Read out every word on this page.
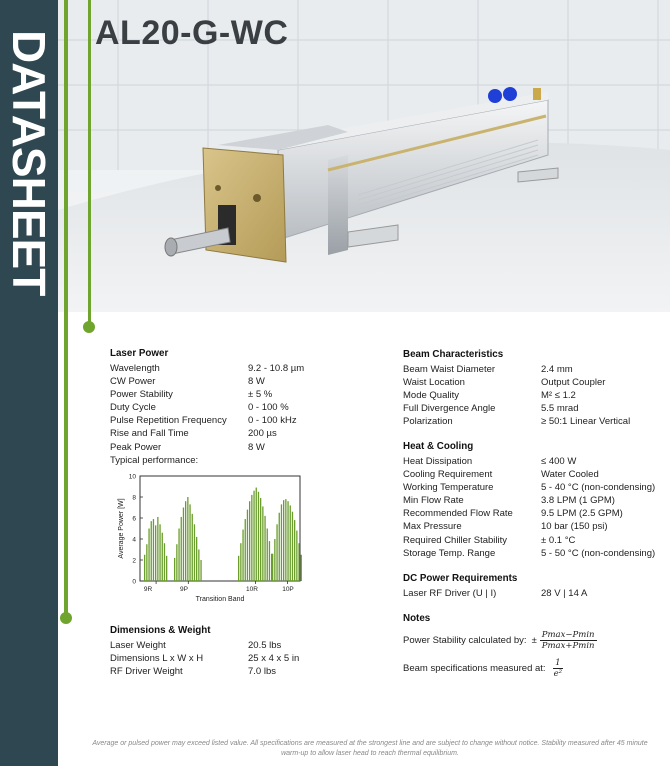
DATASHEET AL20-G-WC
Laser Power
Wavelength	9.2 - 10.8 µm
CW Power	8 W
Power Stability	± 5 %
Duty Cycle	0 - 100 %
Pulse Repetition Frequency	0 - 100 kHz
Rise and Fall Time	200 µs
Peak Power	8 W
Typical performance:
0
2
4
6
8
10
9R	9P	10R	10P
Transition Band
Average Power [W]
Dimensions & Weight
Laser Weight	20.5 lbs
Dimensions L x W x H	25 x 4 x 5 in
RF Driver Weight	7.0 lbs
Beam Characteristics
Beam Waist Diameter	2.4 mm
Waist Location	Output Coupler
Mode Quality	M² ≤ 1.2
Full Divergence Angle	5.5 mrad
Polarization	≥ 50:1 Linear Vertical
Heat & Cooling
Heat Dissipation	≤ 400 W
Cooling Requirement	Water Cooled
Working Temperature	5 - 40 °C (non-condensing)
Min Flow Rate	3.8 LPM (1 GPM)
Recommended Flow Rate	9.5 LPM (2.5 GPM)
Max Pressure	10 bar (150 psi)
Required Chiller Stability	± 0.1 °C
Storage Temp. Range	5 - 50 °C (non-condensing)
DC Power Requirements
Laser RF Driver (U | I)	28 V | 14 A
Notes
Power Stability calculated by: ± Pmax−Pmin
Pmax+Pmin
Beam specifications measured at: $\frac{1}{\text{e²}}$
Average or pulsed power may exceed listed value. All specifications are measured at the strongest line and are subject to change without notice. Stability measured after 45 minute warm-up to allow laser head to reach thermal equilibrium.
